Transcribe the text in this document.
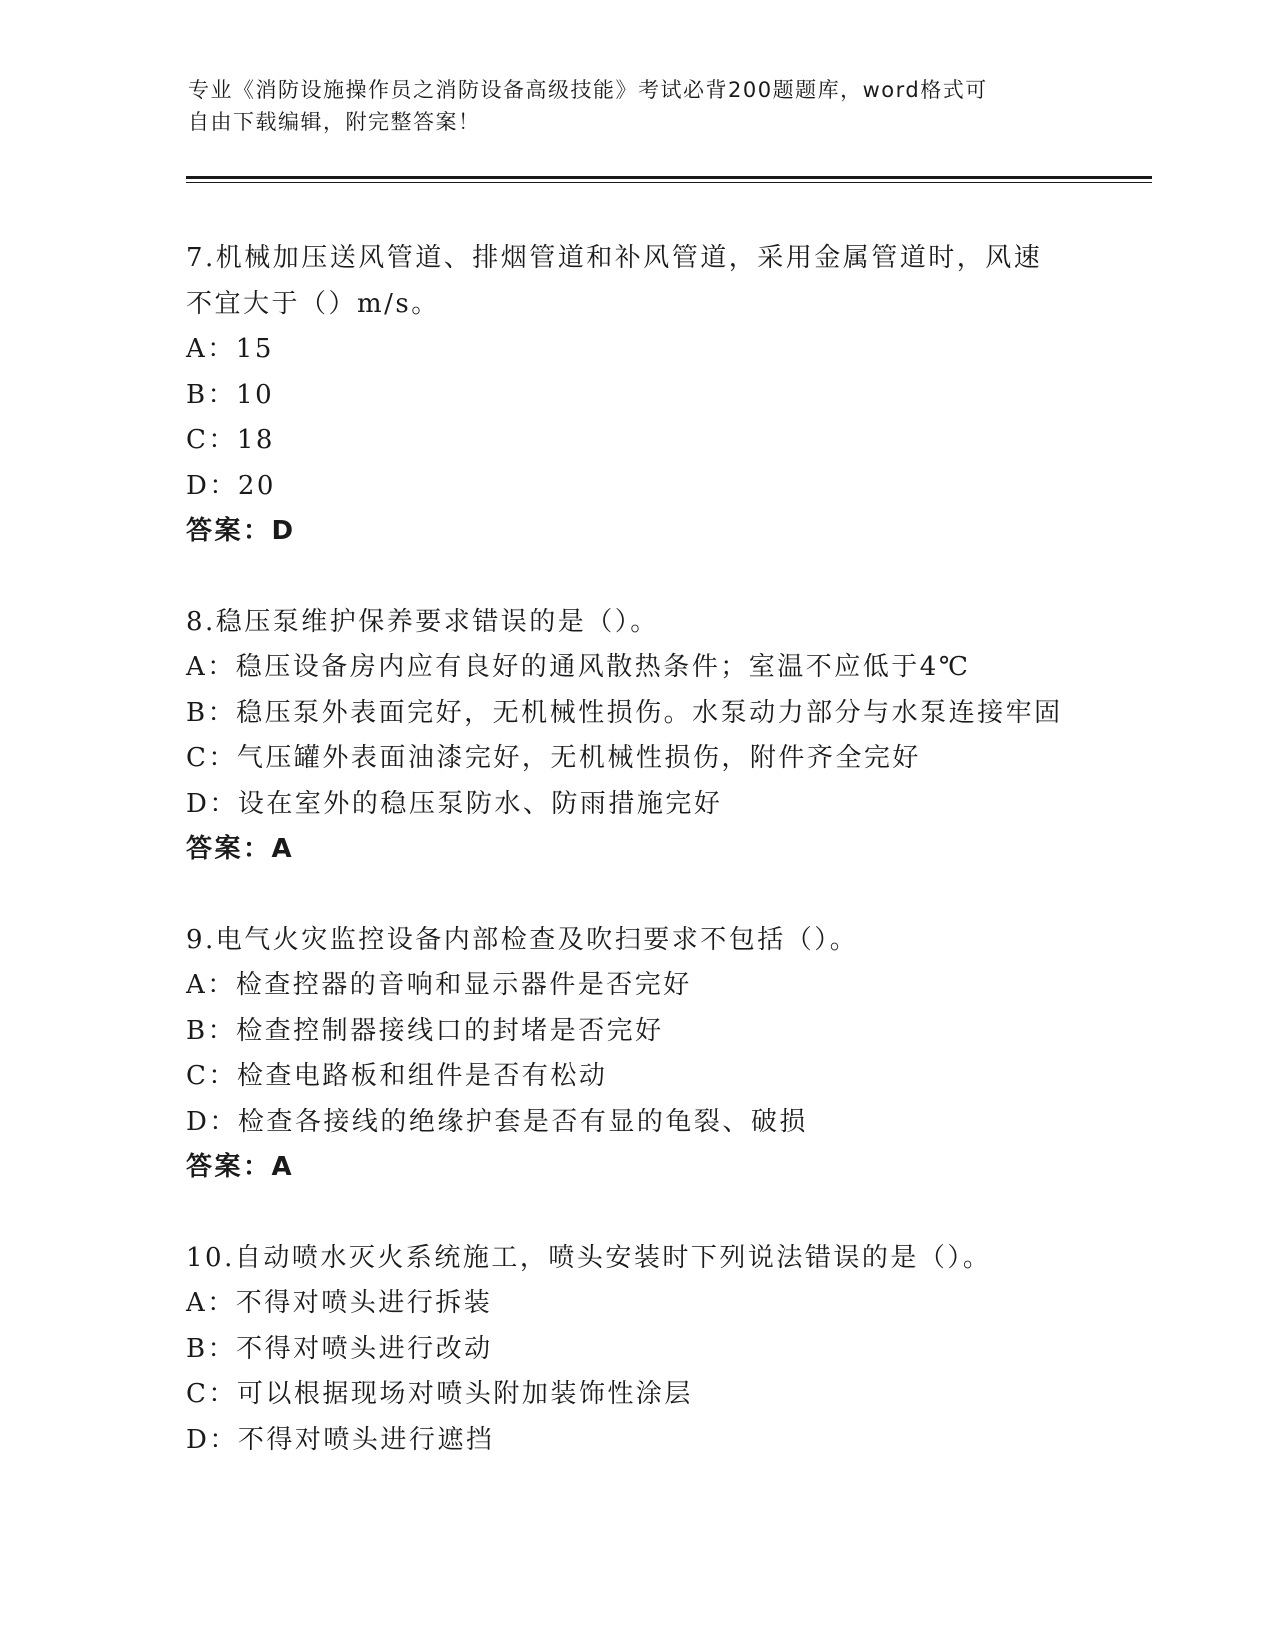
专业《消防设施操作员之消防设备高级技能》考试必背200题题库，word格式可
自由下载编辑，附完整答案！
7.机械加压送风管道、排烟管道和补风管道，采用金属管道时，风速
不宜大于（）m/s。
A：15
B：10
C：18
D：20
答案：D
8.稳压泵维护保养要求错误的是（）。
A：稳压设备房内应有良好的通风散热条件；室温不应低于4℃
B：稳压泵外表面完好，无机械性损伤。水泵动力部分与水泵连接牢固
C：气压罐外表面油漆完好，无机械性损伤，附件齐全完好
D：设在室外的稳压泵防水、防雨措施完好
答案：A
9.电气火灾监控设备内部检查及吹扫要求不包括（）。
A：检查控器的音响和显示器件是否完好
B：检查控制器接线口的封堵是否完好
C：检查电路板和组件是否有松动
D：检查各接线的绝缘护套是否有显的龟裂、破损
答案：A
10.自动喷水灭火系统施工，喷头安装时下列说法错误的是（）。
A：不得对喷头进行拆装
B：不得对喷头进行改动
C：可以根据现场对喷头附加装饰性涂层
D：不得对喷头进行遮挡
